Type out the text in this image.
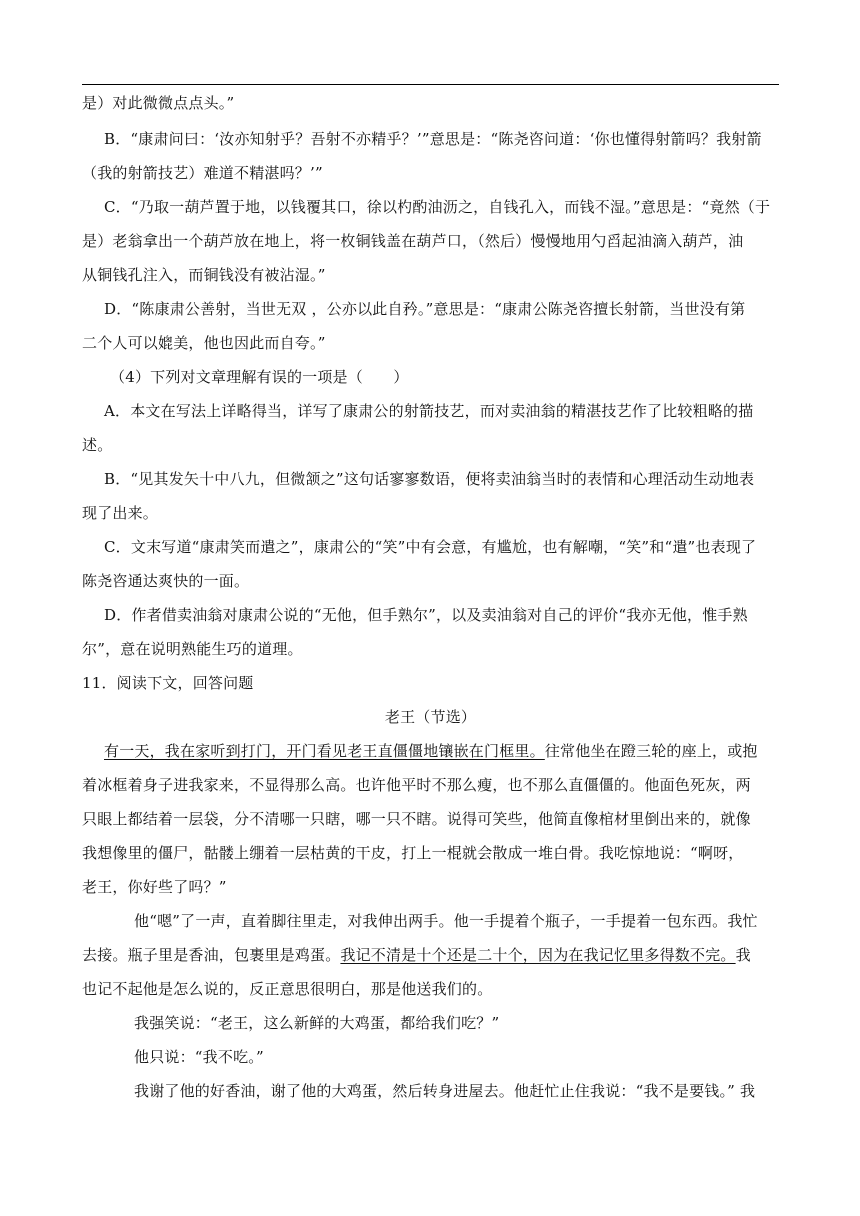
是）对此微微点点头。”
B．“康肃问曰：‘汝亦知射乎？吾射不亦精乎？’”意思是：“陈尧咨问道：‘你也懂得射箭吗？我射箭
（我的射箭技艺）难道不精湛吗？’”
C．“乃取一葫芦置于地，以钱覆其口，徐以杓酌油沥之，自钱孔入，而钱不湿。”意思是：“竟然（于
是）老翁拿出一个葫芦放在地上，将一枚铜钱盖在葫芦口，（然后）慢慢地用勺舀起油滴入葫芦，油
从铜钱孔注入，而铜钱没有被沾湿。”
D．“陈康肃公善射，当世无双 ，公亦以此自矜。”意思是：“康肃公陈尧咨擅长射箭，当世没有第
二个人可以媲美，他也因此而自夸。”
（4）下列对文章理解有误的一项是（　　）
A．本文在写法上详略得当，详写了康肃公的射箭技艺，而对卖油翁的精湛技艺作了比较粗略的描
述。
B．“见其发矢十中八九，但微颔之”这句话寥寥数语，便将卖油翁当时的表情和心理活动生动地表
现了出来。
C．文末写道“康肃笑而遣之”，康肃公的“笑”中有会意，有尴尬，也有解嘲，“笑”和“遣”也表现了
陈尧咨通达爽快的一面。
D．作者借卖油翁对康肃公说的“无他，但手熟尔”，以及卖油翁对自己的评价“我亦无他，惟手熟
尔”，意在说明熟能生巧的道理。
11．阅读下文，回答问题
老王（节选）
有一天，我在家听到打门，开门看见老王直僵僵地镶嵌在门框里。往常他坐在蹬三轮的座上，或抱
着冰框着身子进我家来，不显得那么高。也许他平时不那么瘦，也不那么直僵僵的。他面色死灰，两
只眼上都结着一层袋，分不清哪一只瞎，哪一只不瞎。说得可笑些，他简直像棺材里倒出来的，就像
我想像里的僵尸，骷髅上绷着一层枯黄的干皮，打上一棍就会散成一堆白骨。我吃惊地说：“啊呀，
老王，你好些了吗？”
他“嗯”了一声，直着脚往里走，对我伸出两手。他一手提着个瓶子，一手提着一包东西。我忙
去接。瓶子里是香油，包裹里是鸡蛋。我记不清是十个还是二十个，因为在我记忆里多得数不完。我
也记不起他是怎么说的，反正意思很明白，那是他送我们的。
我强笑说：“老王，这么新鲜的大鸡蛋，都给我们吃？”
他只说：“我不吃。”
我谢了他的好香油，谢了他的大鸡蛋，然后转身进屋去。他赶忙止住我说：“我不是要钱。” 我
